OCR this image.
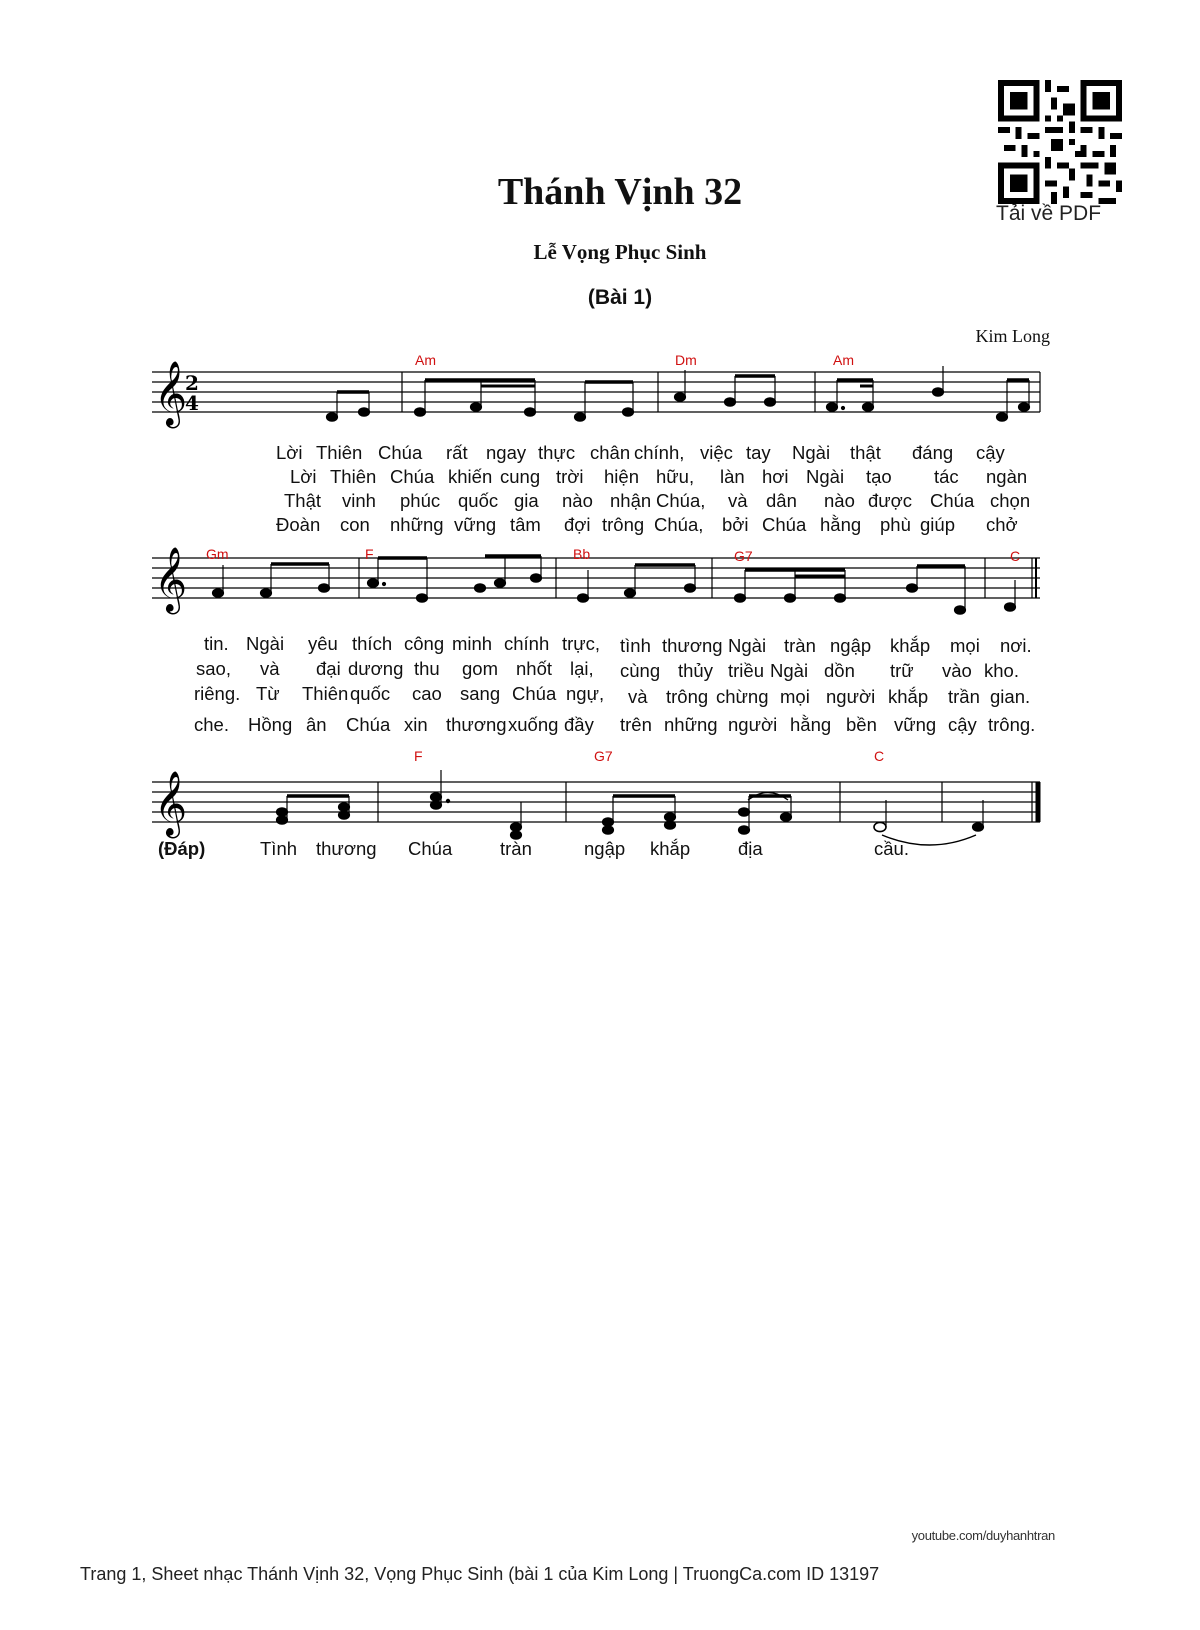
Thánh Vịnh 32
Lễ Vọng Phục Sinh
(Bài 1)
Kim Long
Tải về PDF
𝄞
𝄞
𝄞
2
4
Am	Dm	Am
Lời Thiên Chúa rất ngay thực chân chính, việc tay Ngài thật đáng cậy
Lời Thiên Chúa khiến cung trời hiện hữu, làn hơi Ngài tạo tác ngàn
Thật vinh phúc quốc gia nào nhận Chúa, và dân nào được Chúa chọn
Đoàn con những vững tâm đợi trông Chúa, bởi Chúa hằng phù giúp chở
Gm	F	Bb	G7	C
tin. Ngài yêu thích công minh chính trực, tình thương Ngài tràn ngập khắp mọi nơi.
sao, và đại dương thu gom nhốt lại, cùng thủy triều Ngài dồn trữ vào kho.
riêng. Từ Thiên quốc cao sang Chúa ngự, và trông chừng mọi người khắp trần gian.
che. Hồng ân Chúa xin thương xuống đầy trên những người hằng bền vững cậy trông.
F	G7	C
(Đáp)	Tình thương Chúa	tràn	ngập khắp	địa	cầu.
youtube.com/duyhanhtran
Trang 1, Sheet nhạc Thánh Vịnh 32, Vọng Phục Sinh (bài 1 của Kim Long | TruongCa.com ID 13197
